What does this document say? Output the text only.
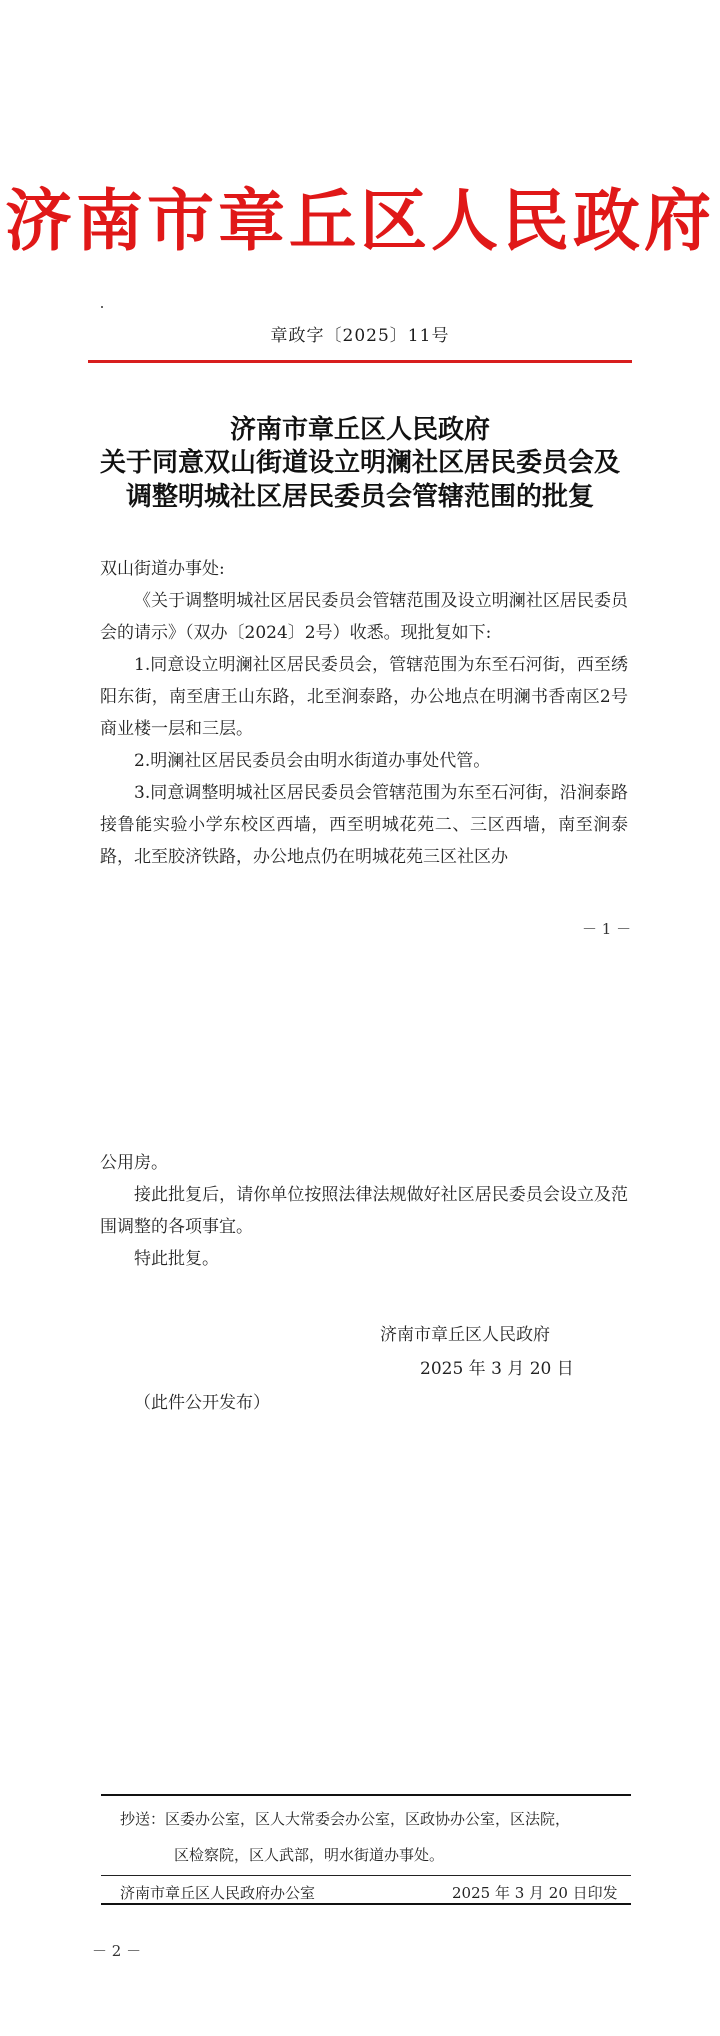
济南市章丘区人民政府
章政字〔2025〕11号
济南市章丘区人民政府
关于同意双山街道设立明澜社区居民委员会及
调整明城社区居民委员会管辖范围的批复
双山街道办事处:
《关于调整明城社区居民委员会管辖范围及设立明澜社区居民委员会的请示》（双办〔2024〕2号）收悉。现批复如下:
1.同意设立明澜社区居民委员会，管辖范围为东至石河街，西至绣阳东街，南至唐王山东路，北至涧泰路，办公地点在明澜书香南区2号商业楼一层和三层。
2.明澜社区居民委员会由明水街道办事处代管。
3.同意调整明城社区居民委员会管辖范围为东至石河街，沿涧泰路接鲁能实验小学东校区西墙，西至明城花苑二、三区西墙，南至涧泰路，北至胶济铁路，办公地点仍在明城花苑三区社区办
－ 1 －
公用房。
接此批复后，请你单位按照法律法规做好社区居民委员会设立及范围调整的各项事宜。
特此批复。
济南市章丘区人民政府
2025 年 3 月 20 日
（此件公开发布）
抄送：区委办公室，区人大常委会办公室，区政协办公室，区法院，
区检察院，区人武部，明水街道办事处。
济南市章丘区人民政府办公室	2025 年 3 月 20 日印发
－ 2 －
